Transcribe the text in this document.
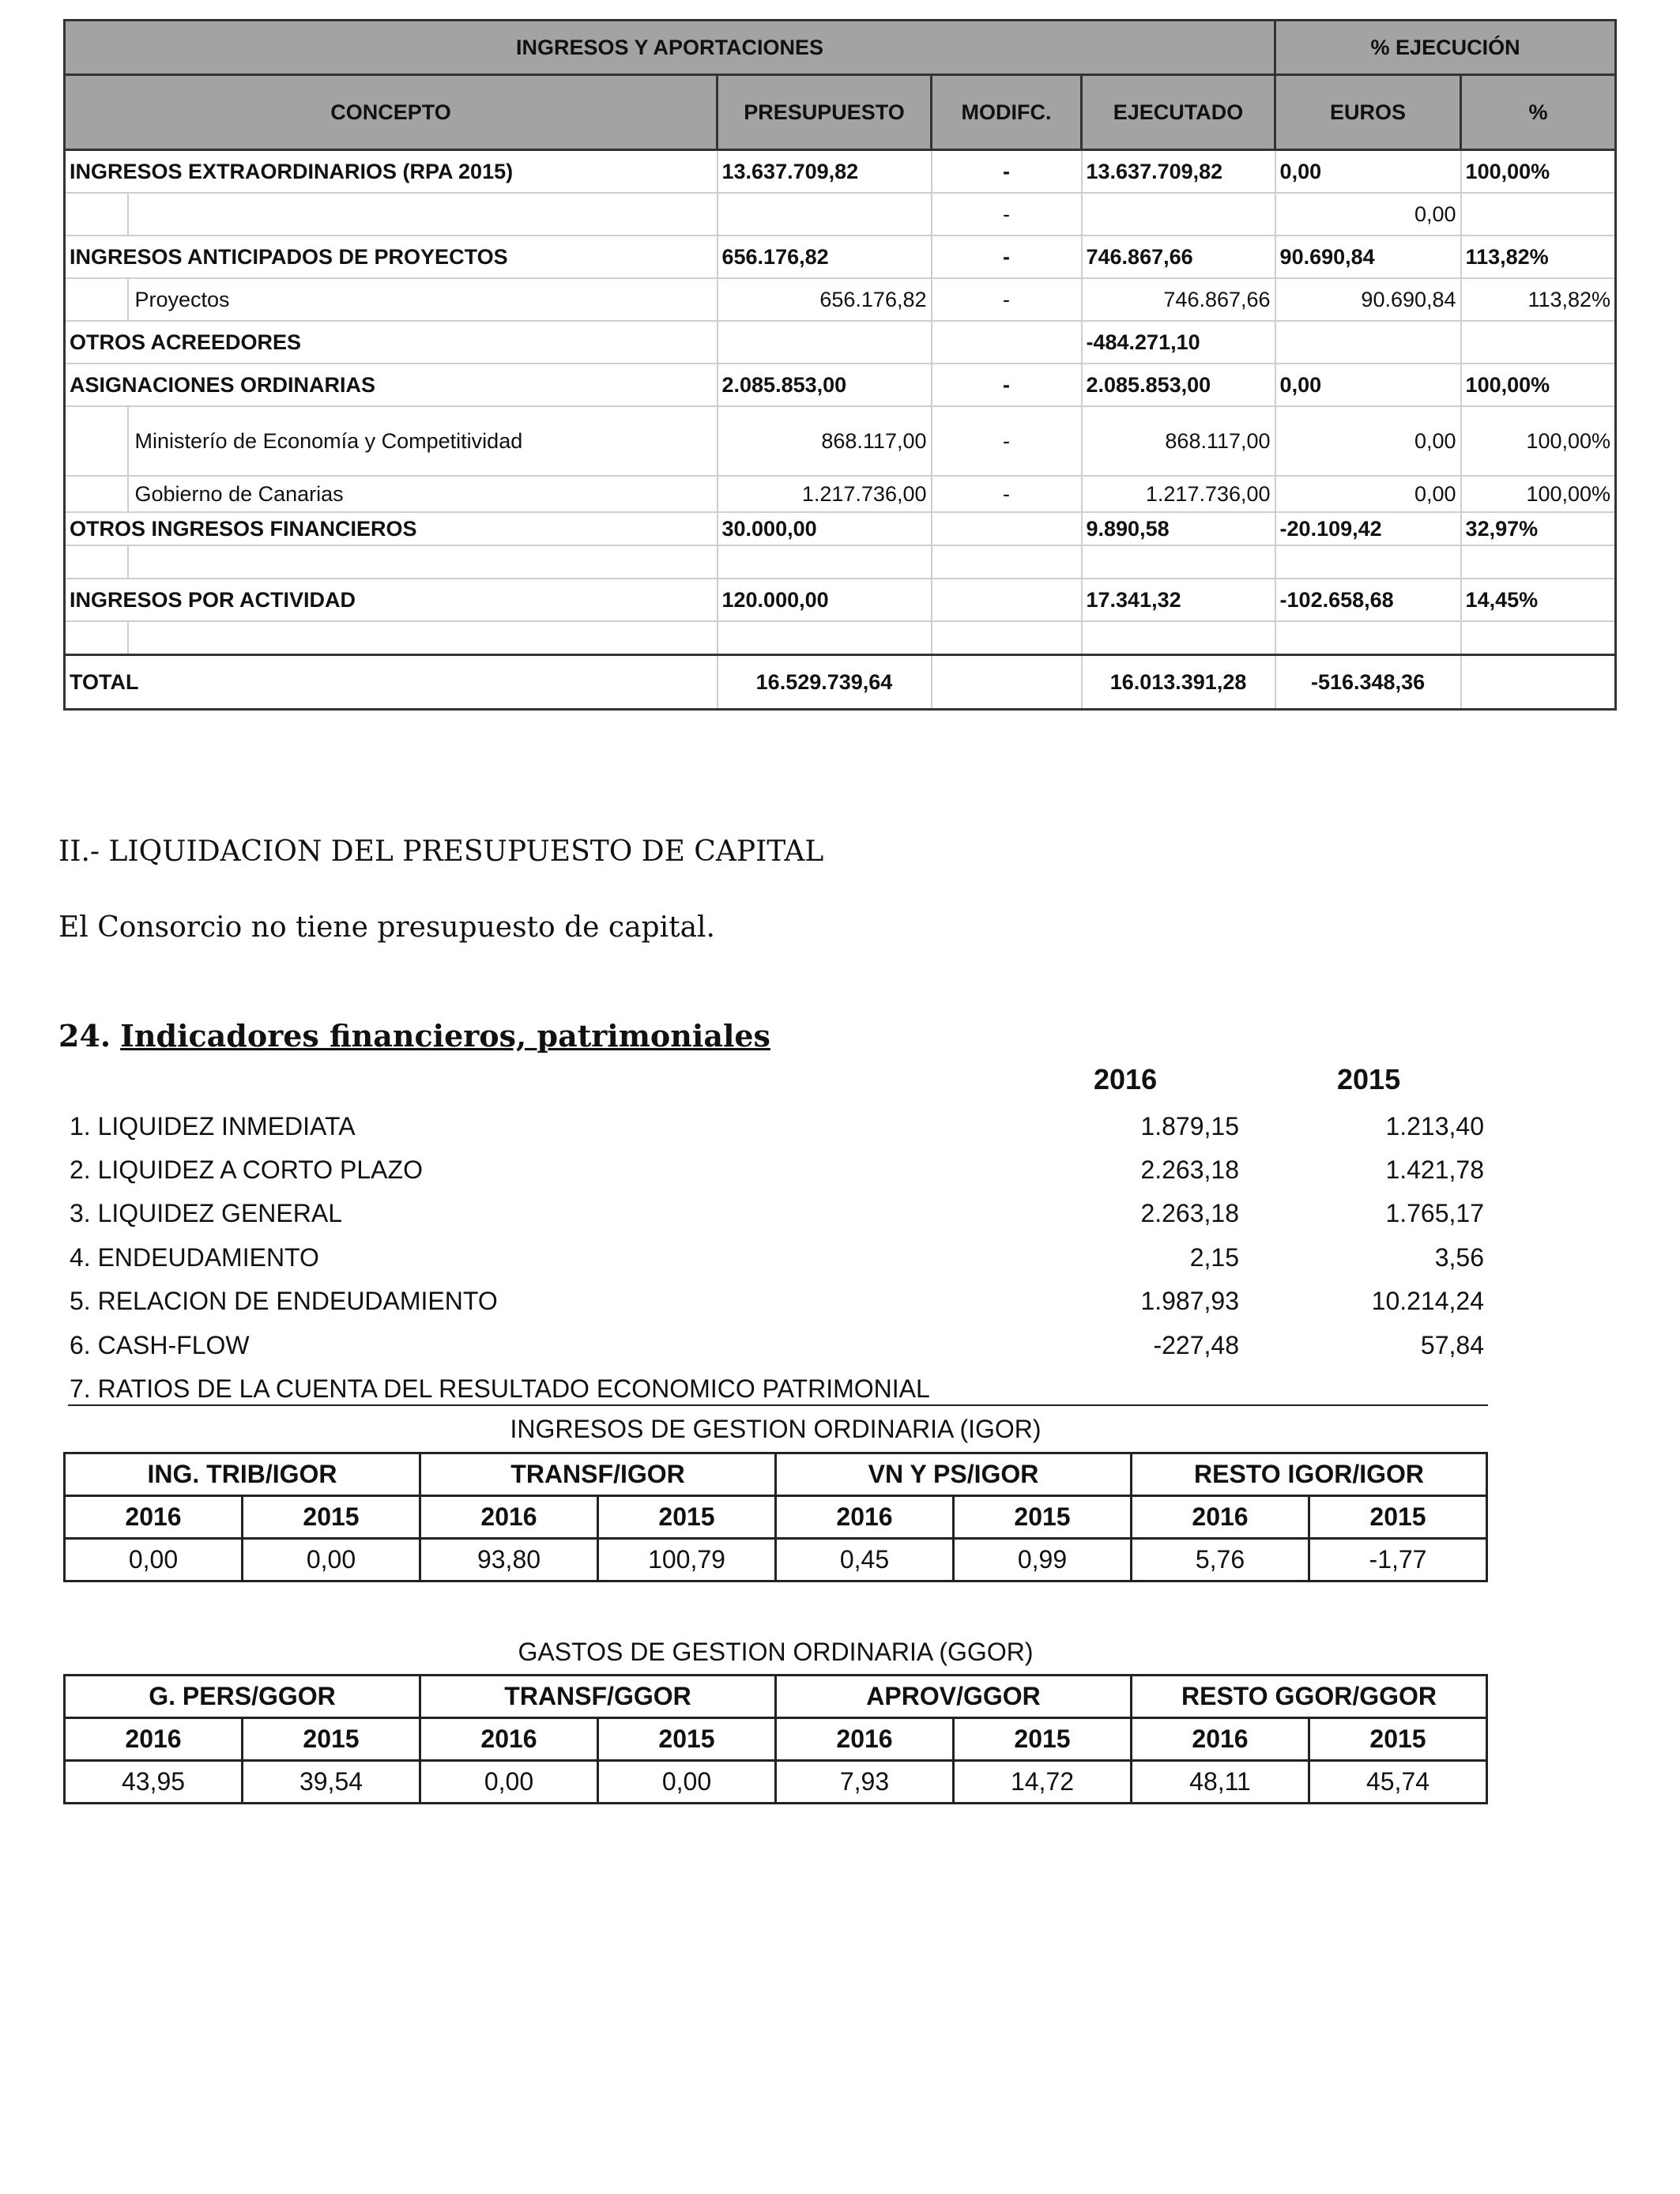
INGRESOS Y APORTACIONES					% EJECUCIÓN	
CONCEPTO		PRESUPUESTO	MODIFC.	EJECUTADO	EUROS	%
INGRESOS EXTRAORDINARIOS (RPA 2015)		13.637.709,82	-	13.637.709,82	0,00	100,00%
			-		0,00	
INGRESOS ANTICIPADOS DE PROYECTOS		656.176,82	-	746.867,66	90.690,84	113,82%
	Proyectos	656.176,82	-	746.867,66	90.690,84	113,82%
OTROS ACREEDORES				-484.271,10		
ASIGNACIONES ORDINARIAS		2.085.853,00	-	2.085.853,00	0,00	100,00%
	Ministerío de Economía y Competitividad	868.117,00	-	868.117,00	0,00	100,00%
	Gobierno de Canarias	1.217.736,00	-	1.217.736,00	0,00	100,00%
OTROS INGRESOS FINANCIEROS		30.000,00		9.890,58	-20.109,42	32,97%

INGRESOS POR ACTIVIDAD		120.000,00		17.341,32	-102.658,68	14,45%

TOTAL		16.529.739,64		16.013.391,28	-516.348,36	
II.- LIQUIDACION DEL PRESUPUESTO DE CAPITAL
El Consorcio no tiene presupuesto de capital.
24. Indicadores financieros, patrimoniales
2016	2015
1. LIQUIDEZ INMEDIATA	1.879,15	1.213,40
2. LIQUIDEZ A CORTO PLAZO	2.263,18	1.421,78
3. LIQUIDEZ GENERAL	2.263,18	1.765,17
4. ENDEUDAMIENTO	2,15	3,56
5. RELACION DE ENDEUDAMIENTO	1.987,93	10.214,24
6. CASH-FLOW	-227,48	57,84
7. RATIOS DE LA CUENTA DEL RESULTADO ECONOMICO PATRIMONIAL
INGRESOS DE GESTION ORDINARIA (IGOR)
ING. TRIB/IGOR		TRANSF/IGOR		VN Y PS/IGOR		RESTO IGOR/IGOR	
2016	2015	2016	2015	2016	2015	2016	2015
0,00	0,00	93,80	100,79	0,45	0,99	5,76	-1,77
GASTOS DE GESTION ORDINARIA (GGOR)
G. PERS/GGOR		TRANSF/GGOR		APROV/GGOR		RESTO GGOR/GGOR	
2016	2015	2016	2015	2016	2015	2016	2015
43,95	39,54	0,00	0,00	7,93	14,72	48,11	45,74
